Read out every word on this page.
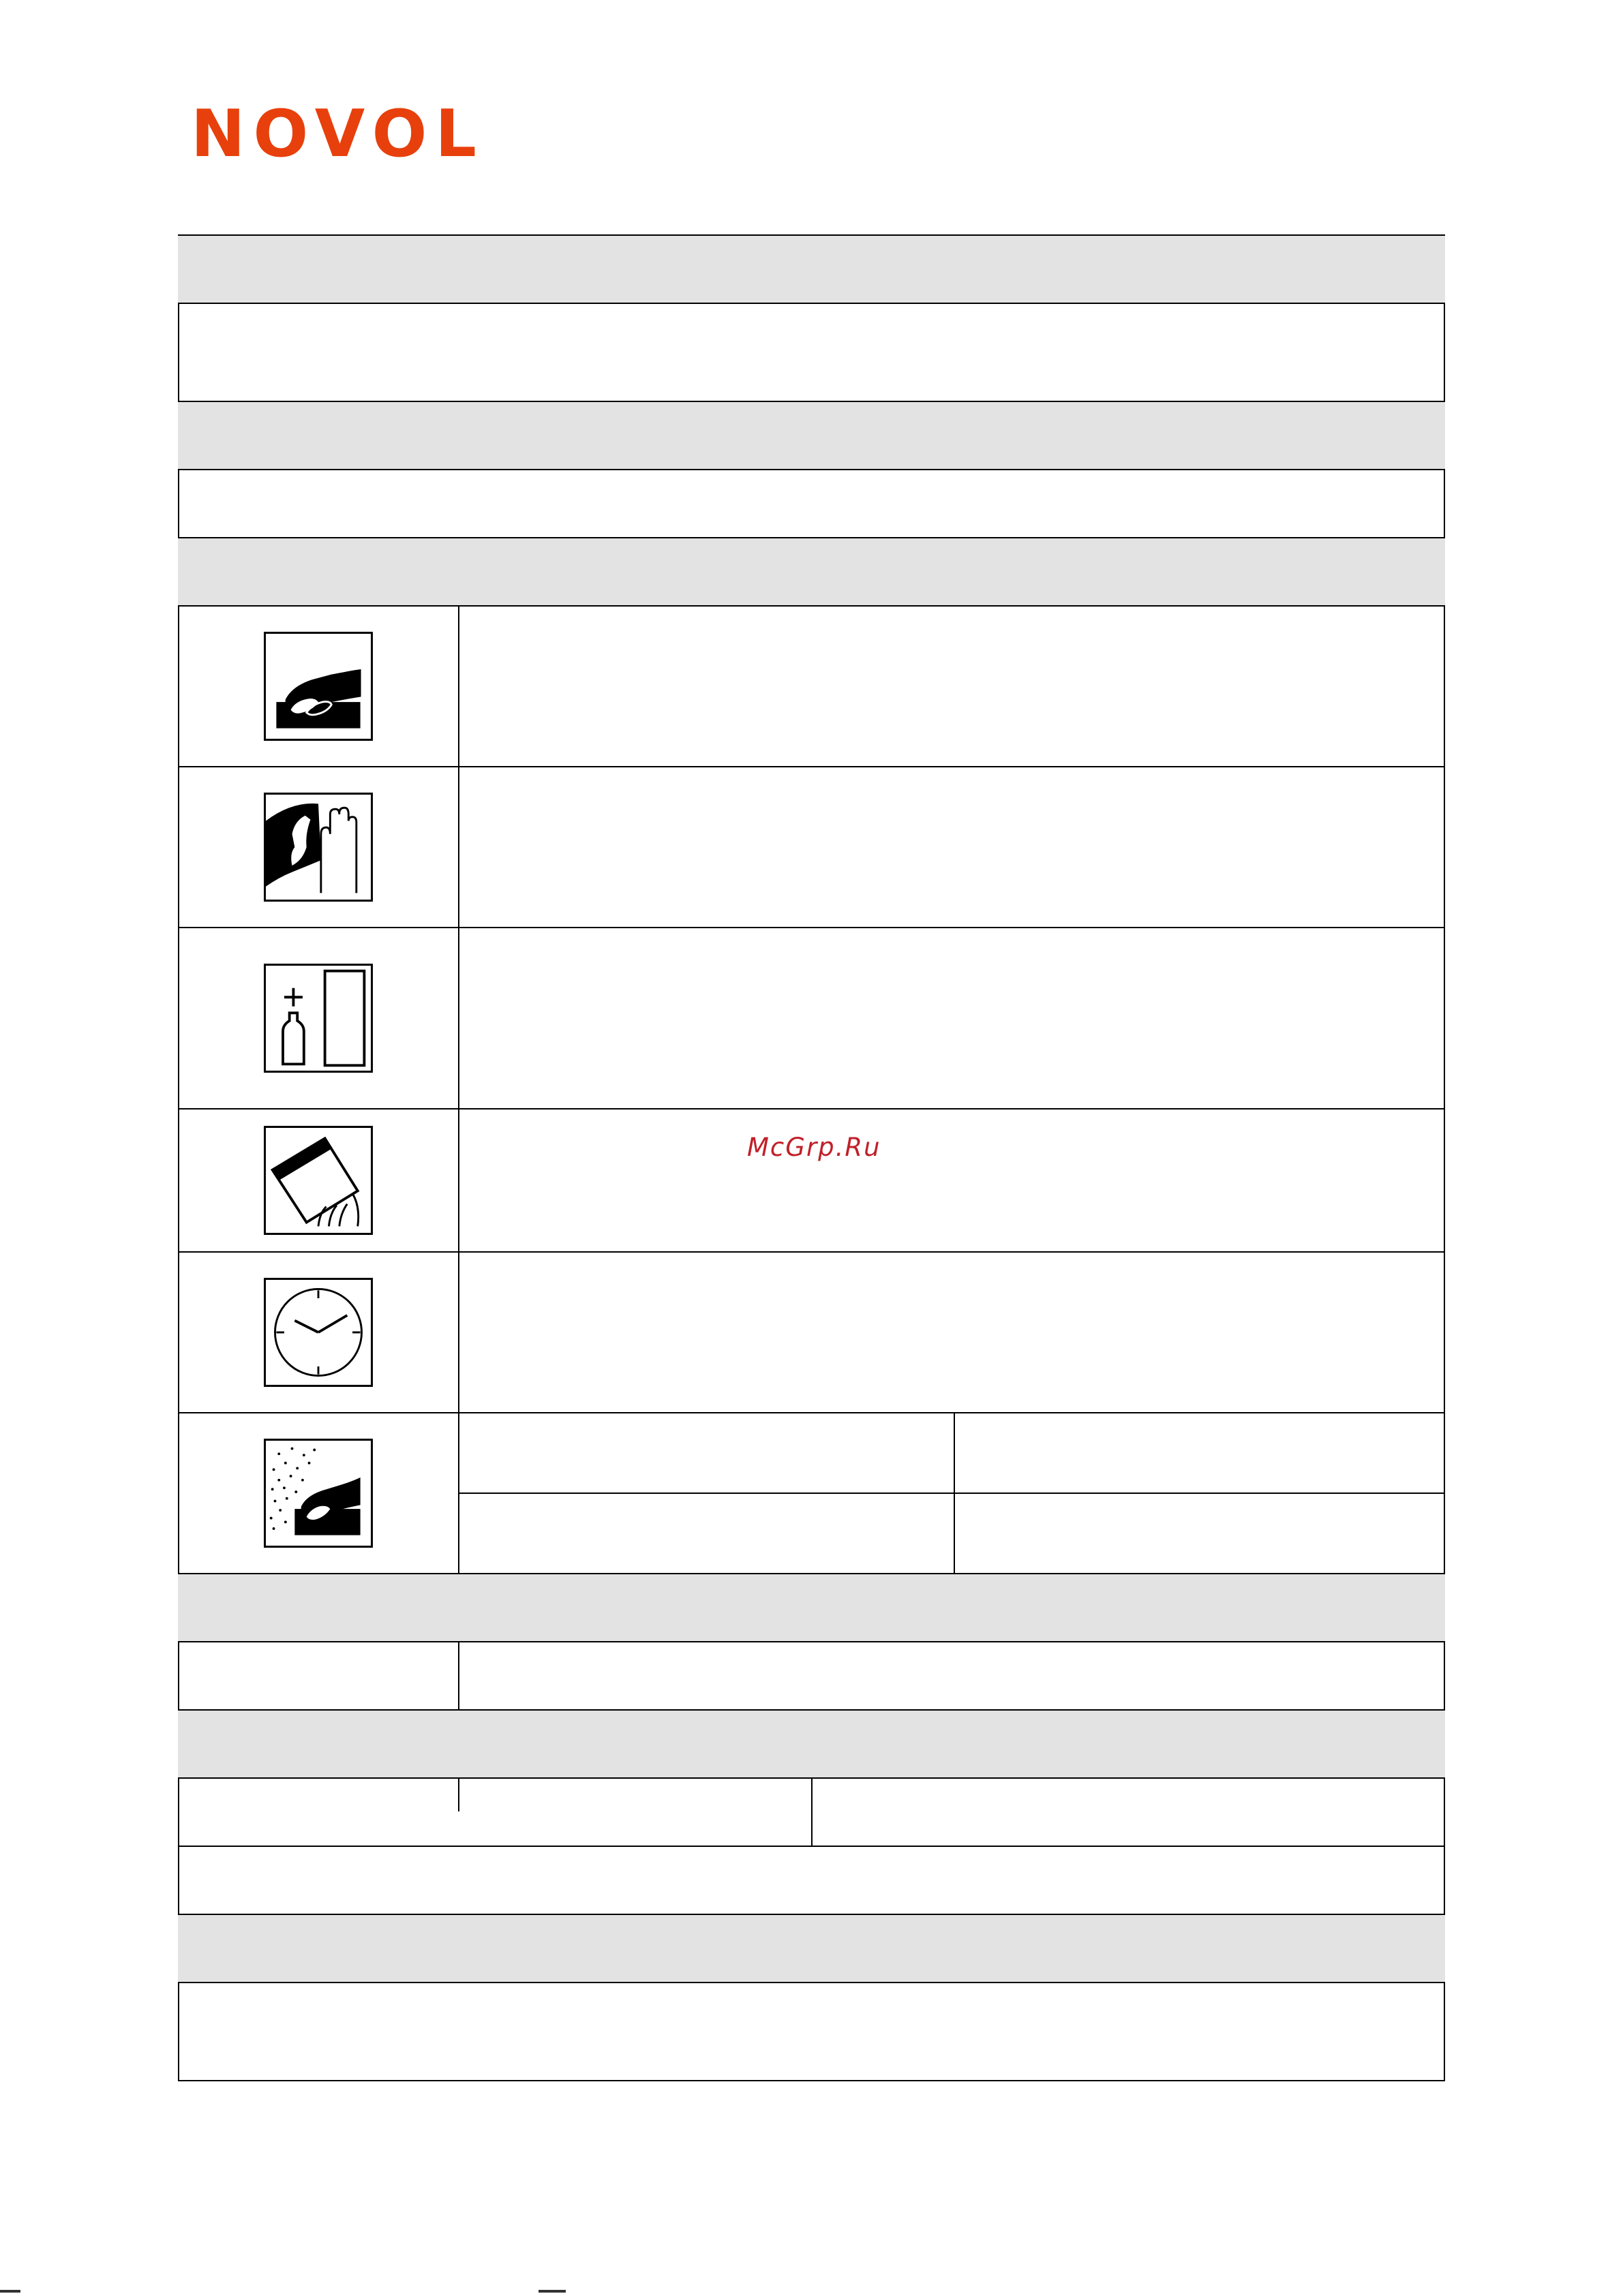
NOVOL
McGrp.Ru
